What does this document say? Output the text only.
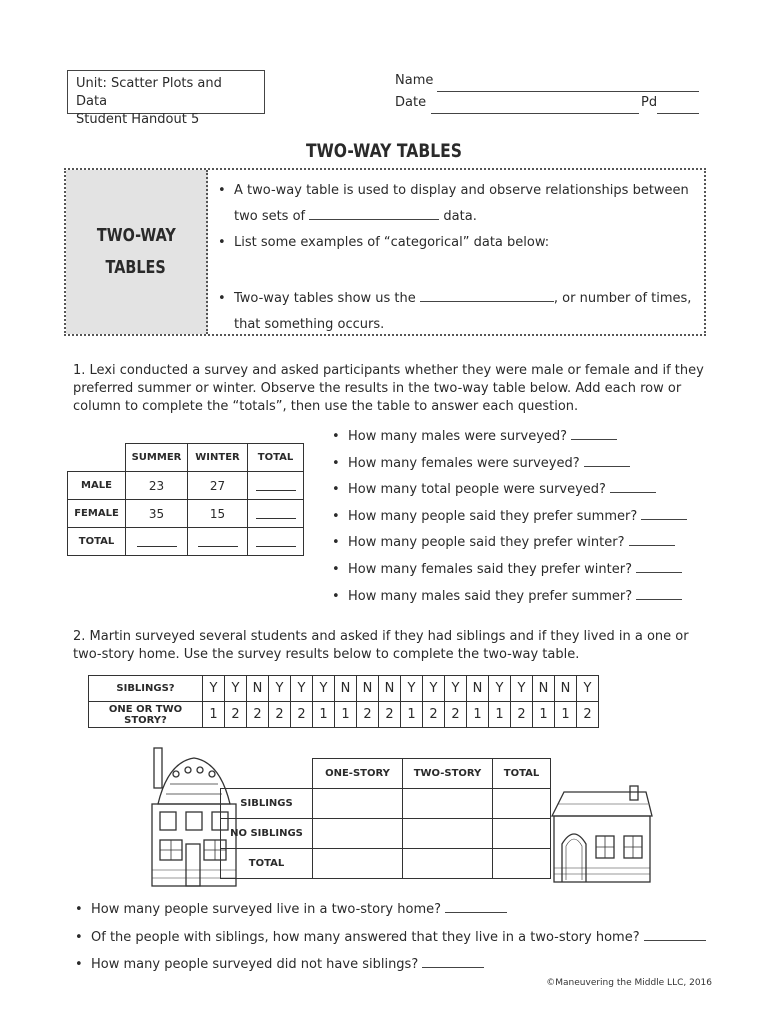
Unit: Scatter Plots and Data
Student Handout 5
Name
Date	Pd
TWO-WAY TABLES
TWO-WAY
TABLES
• A two-way table is used to display and observe relationships between
two sets of	data.
• List some examples of “categorical” data below:
• Two-way tables show us the	, or number of times,
that something occurs.
1. Lexi conducted a survey and asked participants whether they were male or female and if they preferred summer or winter. Observe the results in the two-way table below. Add each row or column to complete the “totals”, then use the table to answer each question.
	SUMMER	WINTER	TOTAL
MALE	23	27	
FEMALE	35	15	
TOTAL			
• How many males were surveyed?
• How many females were surveyed?
• How many total people were surveyed?
• How many people said they prefer summer?
• How many people said they prefer winter?
• How many females said they prefer winter?
• How many males said they prefer summer?
2. Martin surveyed several students and asked if they had siblings and if they lived in a one or two-story home. Use the survey results below to complete the two-way table.
SIBLINGS?	Y	Y	N	Y	Y	Y	N	N	N	Y	Y	Y	N	Y	Y	N	N	Y
ONE OR TWO STORY?	1	2	2	2	2	1	1	2	2	1	2	2	1	1	2	1	1	2
	ONE-STORY	TWO-STORY	TOTAL
SIBLINGS			
NO SIBLINGS			
TOTAL			
• How many people surveyed live in a two-story home?
• Of the people with siblings, how many answered that they live in a two-story home?
• How many people surveyed did not have siblings?
©Maneuvering the Middle LLC, 2016
